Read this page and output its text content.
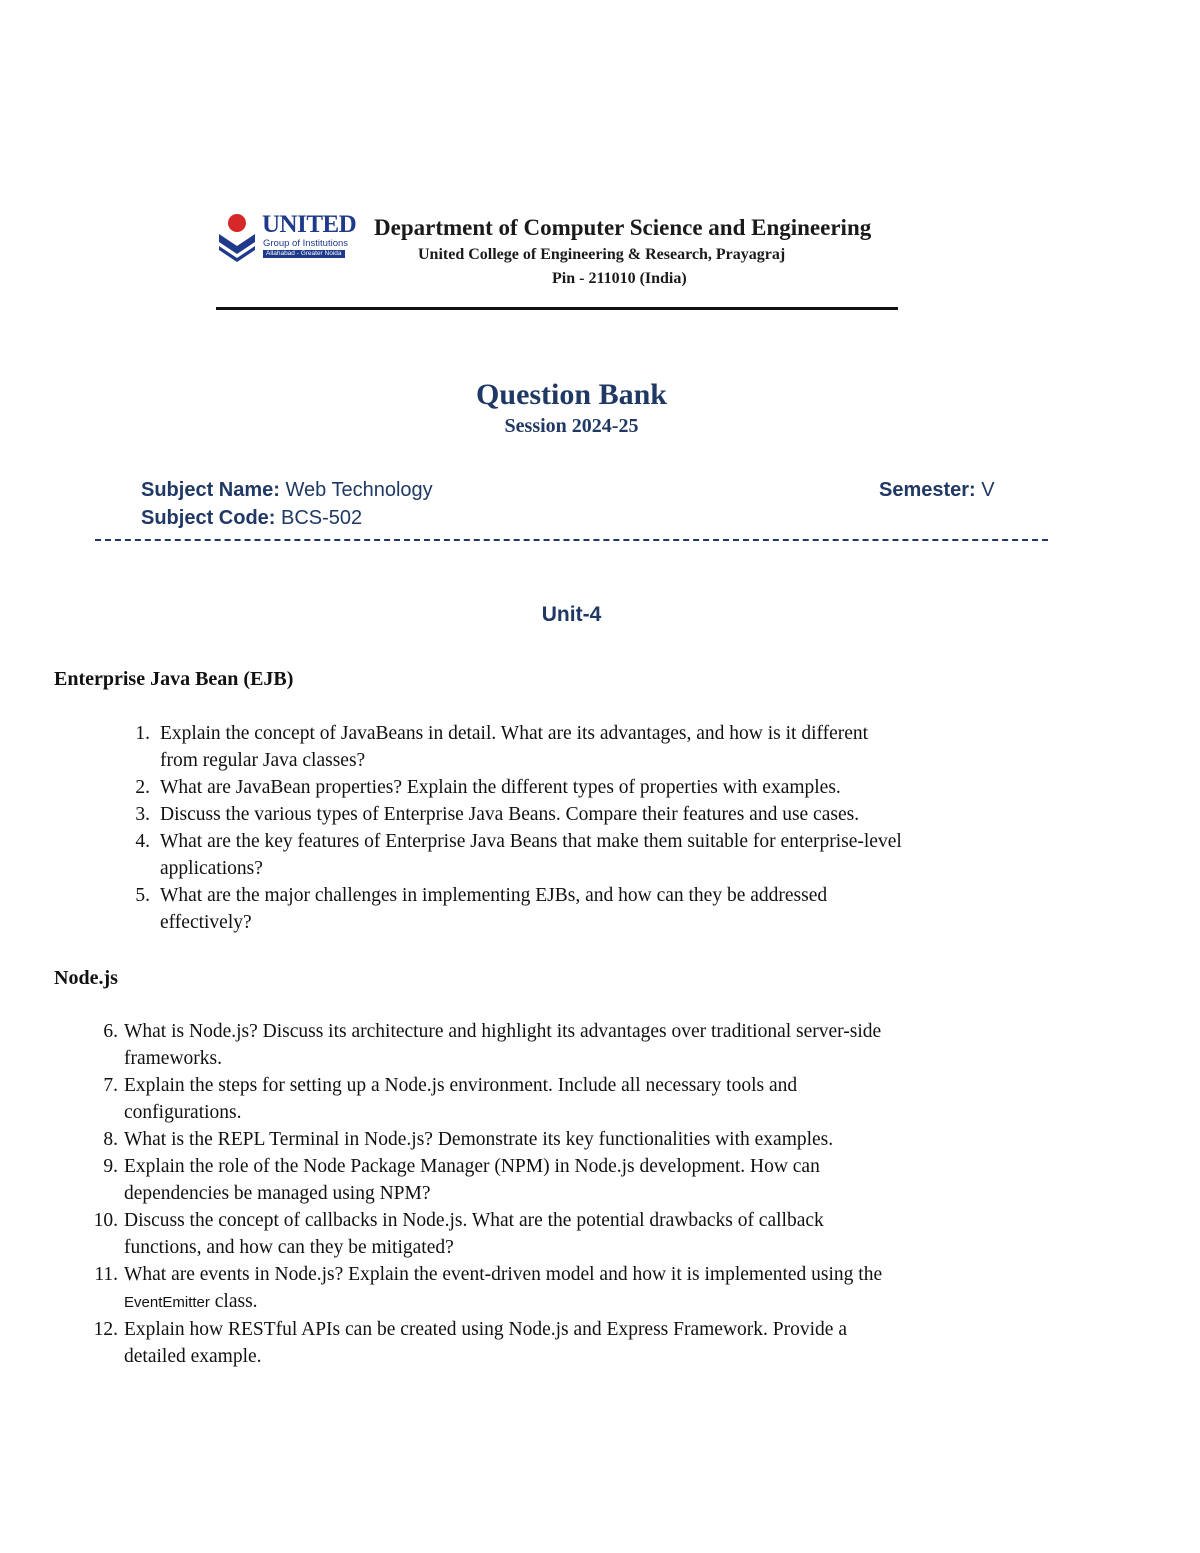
UNITED
Group of Institutions
Allahabad - Greater Noida
Department of Computer Science and Engineering
United College of Engineering & Research, Prayagraj
Pin - 211010 (India)
Question Bank
Session 2024-25
Subject Name: Web Technology
Subject Code: BCS-502
Semester: V
Unit-4
Enterprise Java Bean (EJB)
1. Explain the concept of JavaBeans in detail. What are its advantages, and how is it different
from regular Java classes?
2. What are JavaBean properties? Explain the different types of properties with examples.
3. Discuss the various types of Enterprise Java Beans. Compare their features and use cases.
4. What are the key features of Enterprise Java Beans that make them suitable for enterprise-level
applications?
5. What are the major challenges in implementing EJBs, and how can they be addressed
effectively?
Node.js
6. What is Node.js? Discuss its architecture and highlight its advantages over traditional server-side
frameworks.
7. Explain the steps for setting up a Node.js environment. Include all necessary tools and
configurations.
8. What is the REPL Terminal in Node.js? Demonstrate its key functionalities with examples.
9. Explain the role of the Node Package Manager (NPM) in Node.js development. How can
dependencies be managed using NPM?
10. Discuss the concept of callbacks in Node.js. What are the potential drawbacks of callback
functions, and how can they be mitigated?
11. What are events in Node.js? Explain the event-driven model and how it is implemented using the
EventEmitter class.
12. Explain how RESTful APIs can be created using Node.js and Express Framework. Provide a
detailed example.
